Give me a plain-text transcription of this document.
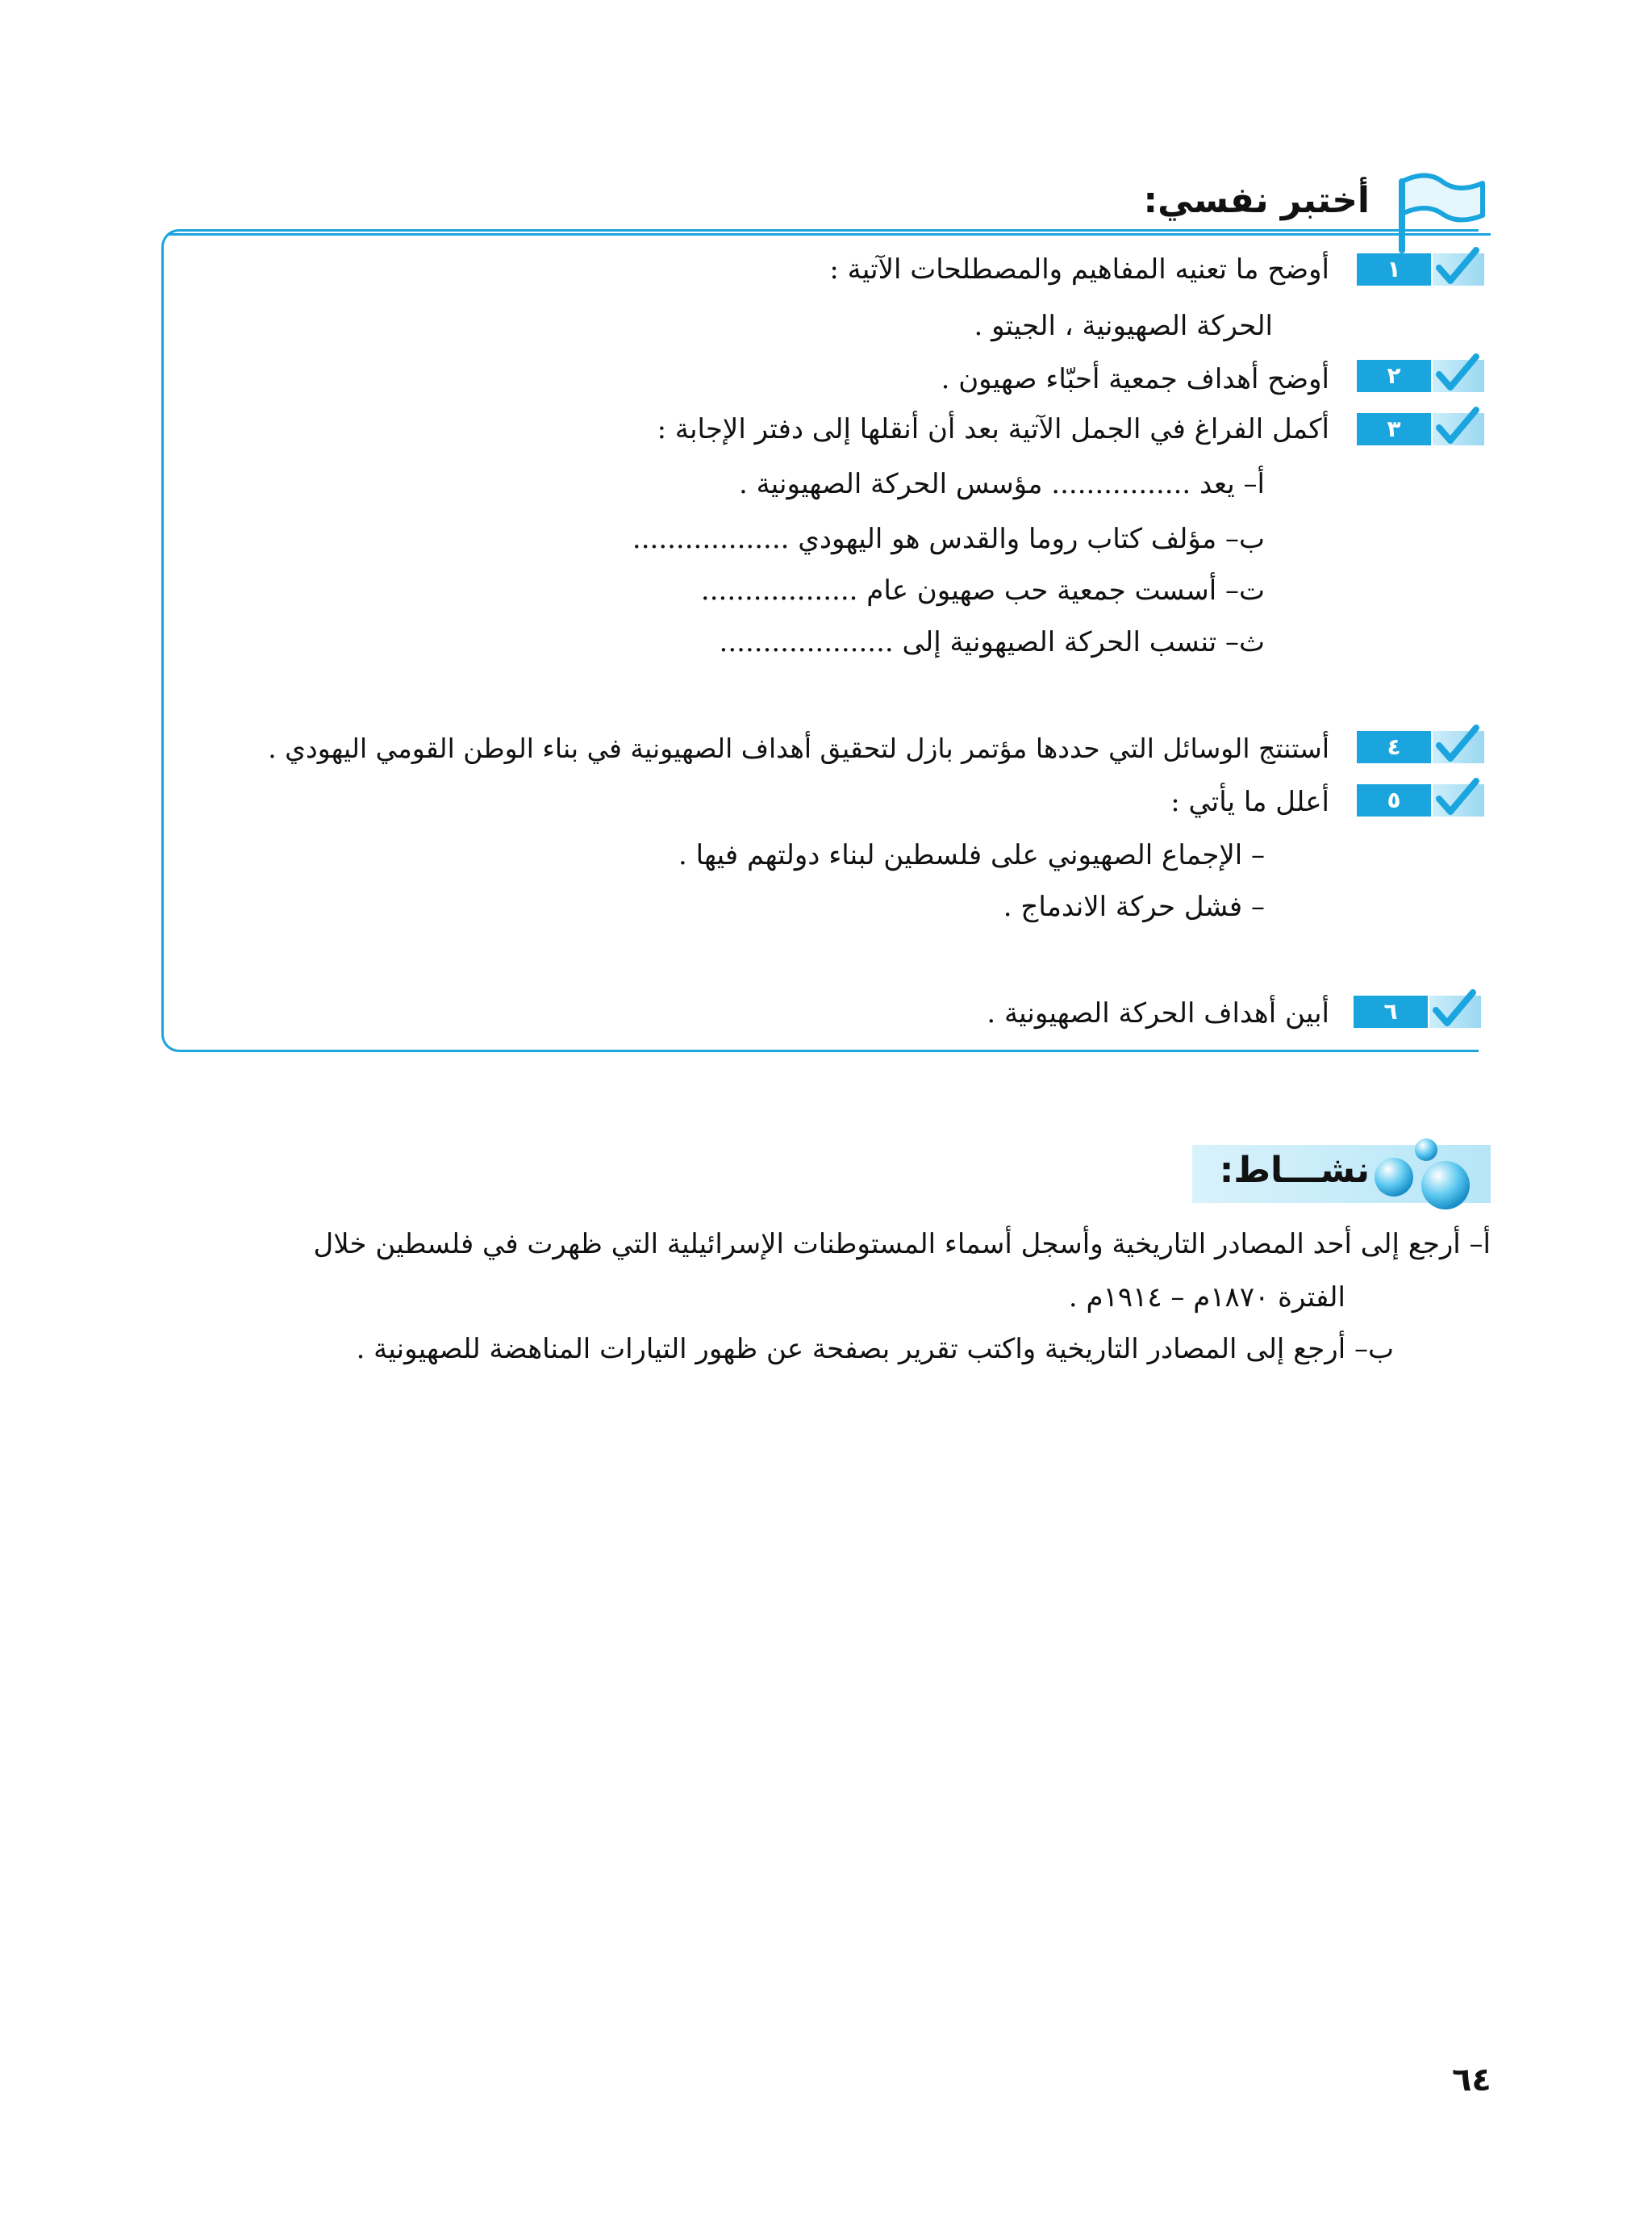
أختبر نفسي:
١
أوضح ما تعنيه المفاهيم والمصطلحات الآتية :
الحركة الصهيونية ، الجيتو .
٢
أوضح أهداف جمعية أحبّاء صهيون .
٣
أكمل الفراغ في الجمل الآتية بعد أن أنقلها إلى دفتر الإجابة :
أ– يعد ................ مؤسس الحركة الصهيونية .
ب– مؤلف كتاب روما والقدس هو اليهودي ..................
ت– أسست جمعية حب صهيون عام ..................
ث– تنسب الحركة الصيهونية إلى ....................
٤
أستنتج الوسائل التي حددها مؤتمر بازل لتحقيق أهداف الصهيونية في بناء الوطن القومي اليهودي .
٥
أعلل ما يأتي :
– الإجماع الصهيوني على فلسطين لبناء دولتهم فيها .
– فشل حركة الاندماج .
٦
أبين أهداف الحركة الصهيونية .
نشـــاط:
أ– أرجع إلى أحد المصادر التاريخية وأسجل أسماء المستوطنات الإسرائيلية التي ظهرت في فلسطين خلال
الفترة ١٨٧٠م – ١٩١٤م .
ب– أرجع إلى المصادر التاريخية واكتب تقرير بصفحة عن ظهور التيارات المناهضة للصهيونية .
٦٤
